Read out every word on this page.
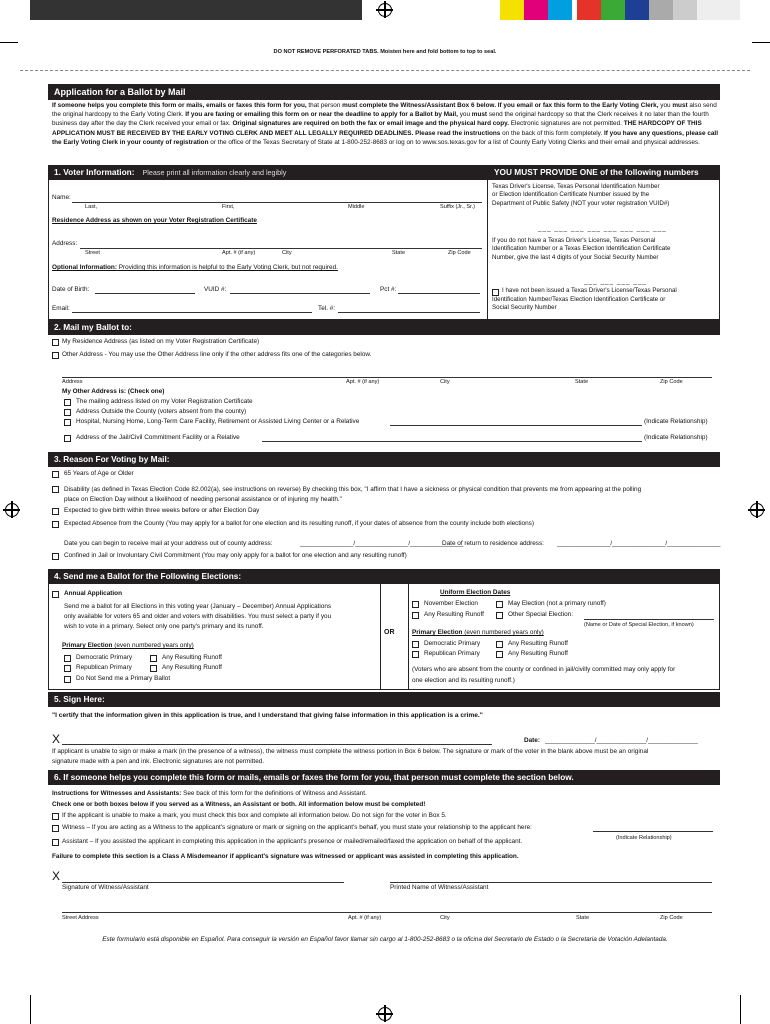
DO NOT REMOVE PERFORATED TABS. Moisten here and fold bottom to top to seal.
Application for a Ballot by Mail
If someone helps you complete this form or mails, emails or faxes this form for you, that person must complete the Witness/Assistant Box 6 below. If you email or fax this form to the Early Voting Clerk, you must also send the original hardcopy to the Early Voting Clerk. If you are faxing or emailing this form on or near the deadline to apply for a Ballot by Mail, you must send the original hardcopy so that the Clerk receives it no later than the fourth business day after the day the Clerk received your email or fax. Original signatures are required on both the fax or email image and the physical hard copy. Electronic signatures are not permitted. THE HARDCOPY OF THIS APPLICATION MUST BE RECEIVED BY THE EARLY VOTING CLERK AND MEET ALL LEGALLY REQUIRED DEADLINES. Please read the instructions on the back of this form completely. If you have any questions, please call the Early Voting Clerk in your county of registration or the office of the Texas Secretary of State at 1-800-252-8683 or log on to www.sos.texas.gov for a list of County Early Voting Clerks and their email and physical addresses.
1. Voter Information: Please print all information clearly and legibly	YOU MUST PROVIDE ONE of the following numbers
Name:
Last,	First,	Middle	Suffix (Jr., Sr.)
Residence Address as shown on your Voter Registration Certificate
Address:
Street	Apt. # (if any)	City	State	Zip Code
Optional Information: Providing this information is helpful to the Early Voting Clerk, but not required.
Date of Birth:	VUID #:	Pct #:
Email:	Tel. #:
Texas Driver's License, Texas Personal Identification Number
or Election Identification Certificate Number issued by the
Department of Public Safety (NOT your voter registration VUID#)
___ ___ ___ ___ ___ ___ ___ ___
If you do not have a Texas Driver's License, Texas Personal
Identification Number or a Texas Election Identification Certificate
Number, give the last 4 digits of your Social Security Number
___ ___ ___ ___
I have not been issued a Texas Driver's License/Texas Personal
Identification Number/Texas Election Identification Certificate or
Social Security Number
2. Mail my Ballot to:
My Residence Address (as listed on my Voter Registration Certificate)
Other Address - You may use the Other Address line only if the other address fits one of the categories below.
Address	Apt. # (if any)	City	State	Zip Code
My Other Address is: (Check one)
The mailing address listed on my Voter Registration Certificate
Address Outside the County (voters absent from the county)
Hospital, Nursing Home, Long-Term Care Facility, Retirement or Assisted Living Center or a Relative	(Indicate Relationship)
Address of the Jail/Civil Commitment Facility or a Relative	(Indicate Relationship)
3. Reason For Voting by Mail:
65 Years of Age or Older
Disability (as defined in Texas Election Code 82.002(a), see instructions on reverse) By checking this box, "I affirm that I have a sickness or physical condition that prevents me from appearing at the polling
place on Election Day without a likelihood of needing personal assistance or of injuring my health."
Expected to give birth within three weeks before or after Election Day
Expected Absence from the County (You may apply for a ballot for one election and its resulting runoff, if your dates of absence from the county include both elections)
Date you can begin to receive mail at your address out of county address:	_______________/_______________/_______________
Date of return to residence address: _______________/_______________/_______________
Confined in Jail or Involuntary Civil Commitment (You may only apply for a ballot for one election and any resulting runoff)
4. Send me a Ballot for the Following Elections:
OR
Annual Application
Send me a ballot for all Elections in this voting year (January – December) Annual Applications
only available for voters 65 and older and voters with disabilities. You must select a party if you
wish to vote in a primary. Select only one party's primary and its runoff.
Primary Election (even numbered years only)
Democratic Primary	Any Resulting Runoff
Republican Primary	Any Resulting Runoff
Do Not Send me a Primary Ballot
Uniform Election Dates
November Election	May Election (not a primary runoff)
Any Resulting Runoff	Other Special Election:
(Name or Date of Special Election, if known)
Primary Election (even numbered years only)
Democratic Primary	Any Resulting Runoff
Republican Primary	Any Resulting Runoff
(Voters who are absent from the county or confined in jail/civilly committed may only apply for
one election and its resulting runoff.)
5. Sign Here:
"I certify that the information given in this application is true, and I understand that giving false information in this application is a crime."
X	Date: ______________/______________/______________
If applicant is unable to sign or make a mark (in the presence of a witness), the witness must complete the witness portion in Box 6 below. The signature or mark of the voter in the blank above must be an original
signature made with a pen and ink. Electronic signatures are not permitted.
6. If someone helps you complete this form or mails, emails or faxes the form for you, that person must complete the section below.
Instructions for Witnesses and Assistants: See back of this form for the definitions of Witness and Assistant.
Check one or both boxes below if you served as a Witness, an Assistant or both. All information below must be completed!
If the applicant is unable to make a mark, you must check this box and complete all information below. Do not sign for the voter in Box 5.
Witness – If you are acting as a Witness to the applicant's signature or mark or signing on the applicant's behalf, you must state your relationship to the applicant here:
(Indicate Relationship)
Assistant – If you assisted the applicant in completing this application in the applicant's presence or mailed/emailed/faxed the application on behalf of the applicant.
Failure to complete this section is a Class A Misdemeanor if applicant's signature was witnessed or applicant was assisted in completing this application.
X
Signature of Witness/Assistant	Printed Name of Witness/Assistant
Street Address	Apt. # (if any)	City	State	Zip Code
Este formulario está disponible en Español. Para conseguir la versión en Español favor llamar sin cargo al 1-800-252-8683 o la oficina del Secretario de Estado o la Secretaria de Votación Adelantada.
